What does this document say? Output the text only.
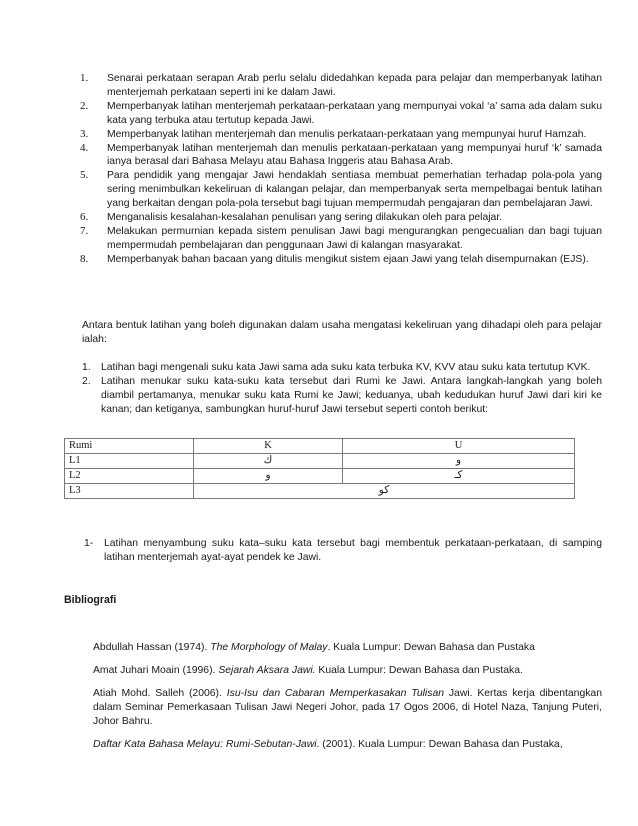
1. Senarai perkataan serapan Arab perlu selalu didedahkan kepada para pelajar dan memperbanyak latihan menterjemah perkataan seperti ini ke dalam Jawi.
2. Memperbanyak latihan menterjemah perkataan-perkataan yang mempunyai vokal ‘a’ sama ada dalam suku kata yang terbuka atau tertutup kepada Jawi.
3. Memperbanyak latihan menterjemah dan menulis perkataan-perkataan yang mempunyai huruf Hamzah.
4. Memperbanyak latihan menterjemah dan menulis perkataan-perkataan yang mempunyai huruf ‘k’ samada ianya berasal dari Bahasa Melayu atau Bahasa Inggeris atau Bahasa Arab.
5. Para pendidik yang mengajar Jawi hendaklah sentiasa membuat pemerhatian terhadap pola-pola yang sering menimbulkan kekeliruan di kalangan pelajar, dan memperbanyak serta mempelbagai bentuk latihan yang berkaitan dengan pola-pola tersebut bagi tujuan mempermudah pengajaran dan pembelajaran Jawi.
6. Menganalisis kesalahan-kesalahan penulisan yang sering dilakukan oleh para pelajar.
7. Melakukan permurnian kepada sistem penulisan Jawi bagi mengurangkan pengecualian dan bagi tujuan mempermudah pembelajaran dan penggunaan Jawi di kalangan masyarakat.
8. Memperbanyak bahan bacaan yang ditulis mengikut sistem ejaan Jawi yang telah disempurnakan (EJS).

Antara bentuk latihan yang boleh digunakan dalam usaha mengatasi kekeliruan yang dihadapi oleh para pelajar ialah:

1. Latihan bagi mengenali suku kata Jawi sama ada suku kata terbuka KV, KVV atau suku kata tertutup KVK.
2. Latihan menukar suku kata-suku kata tersebut dari Rumi ke Jawi. Antara langkah-langkah yang boleh diambil pertamanya, menukar suku kata Rumi ke Jawi; keduanya, ubah kedudukan huruf Jawi dari kiri ke kanan; dan ketiganya, sambungkan huruf-huruf Jawi tersebut seperti contoh berikut:
Rumi	K	U
L1	ك	و
L2	و	كـ
L3	كو	

1- Latihan menyambung suku kata–suku kata tersebut bagi membentuk perkataan-perkataan, di samping latihan menterjemah ayat-ayat pendek ke Jawi.

Bibliografi
Abdullah Hassan (1974). The Morphology of Malay. Kuala Lumpur: Dewan Bahasa dan Pustaka
Amat Juhari Moain (1996). Sejarah Aksara Jawi. Kuala Lumpur: Dewan Bahasa dan Pustaka.
Atiah Mohd. Salleh (2006). Isu-Isu dan Cabaran Memperkasakan Tulisan Jawi. Kertas kerja dibentangkan dalam Seminar Pemerkasaan Tulisan Jawi Negeri Johor, pada 17 Ogos 2006, di Hotel Naza, Tanjung Puteri, Johor Bahru.
Daftar Kata Bahasa Melayu: Rumi-Sebutan-Jawi. (2001). Kuala Lumpur: Dewan Bahasa dan Pustaka,
